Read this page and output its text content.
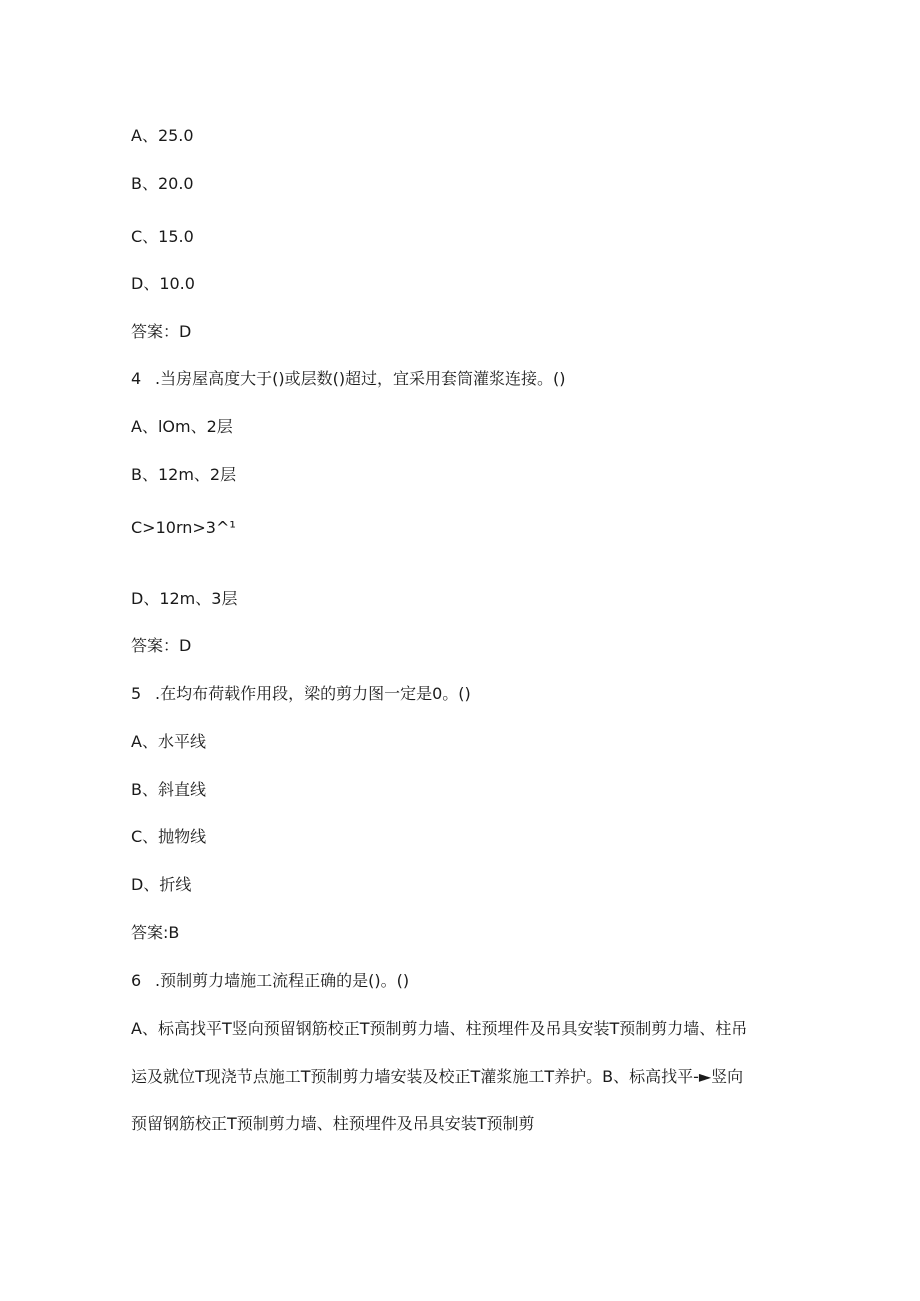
A、25.0
B、20.0
C、15.0
D、10.0
答案：D
4 .当房屋高度大于()或层数()超过，宜采用套筒灌浆连接。()
A、lOm、2层
B、12m、2层
C>10rn>3^¹
D、12m、3层
答案：D
5 .在均布荷载作用段，梁的剪力图一定是0。()
A、水平线
B、斜直线
C、抛物线
D、折线
答案:B
6 .预制剪力墙施工流程正确的是()。()
A、标高找平T竖向预留钢筋校正T预制剪力墙、柱预埋件及吊具安装T预制剪力墙、柱吊
运及就位T现浇节点施工T预制剪力墙安装及校正T灌浆施工T养护。B、标高找平-►竖向
预留钢筋校正T预制剪力墙、柱预埋件及吊具安装T预制剪
